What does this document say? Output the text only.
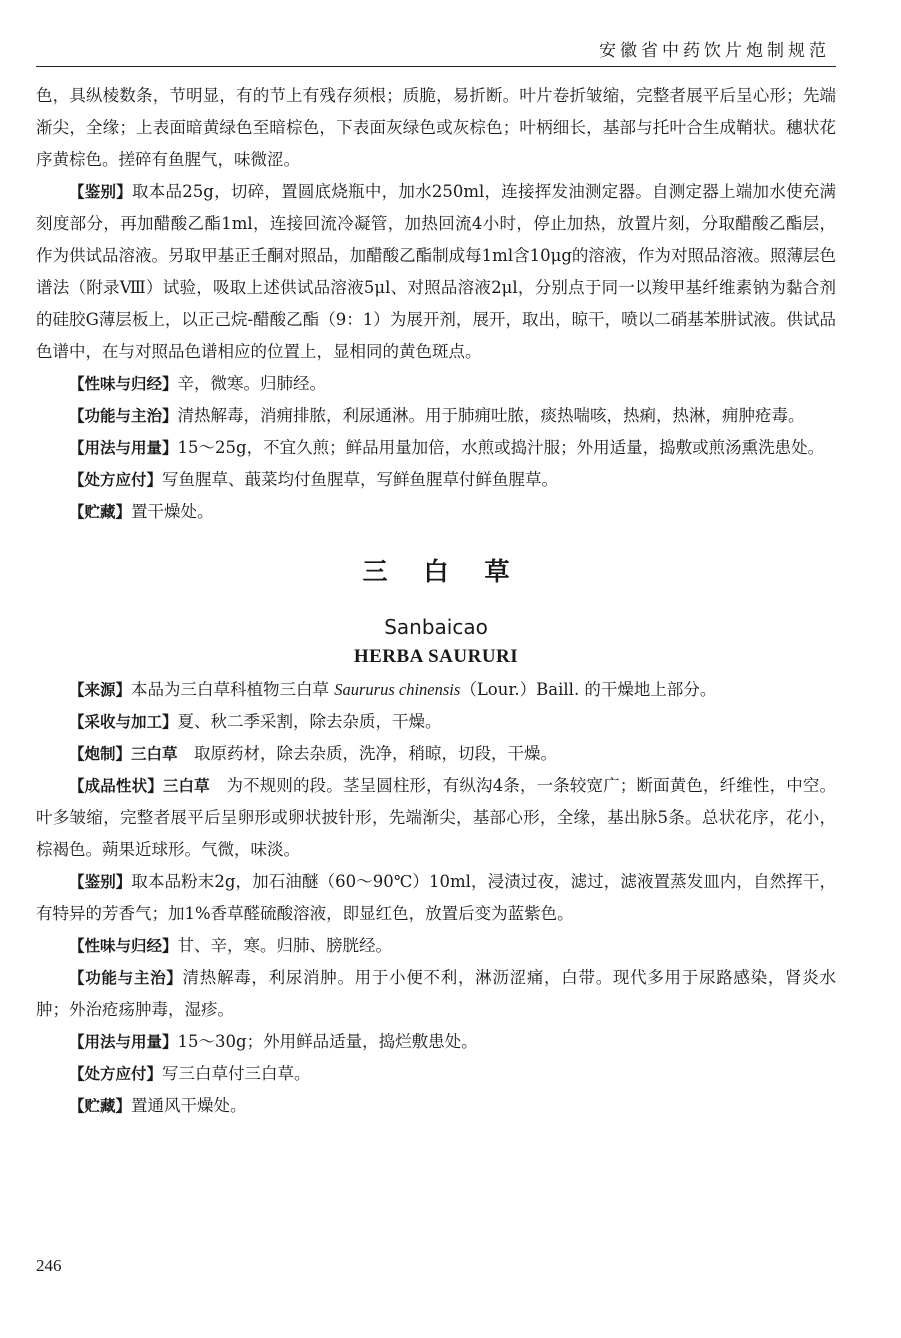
安徽省中药饮片炮制规范

色，具纵棱数条，节明显，有的节上有残存须根；质脆，易折断。叶片卷折皱缩，完整者展平后呈心形；先端渐尖，全缘；上表面暗黄绿色至暗棕色，下表面灰绿色或灰棕色；叶柄细长，基部与托叶合生成鞘状。穗状花序黄棕色。搓碎有鱼腥气，味微涩。

【鉴别】取本品25g，切碎，置圆底烧瓶中，加水250ml，连接挥发油测定器。自测定器上端加水使充满刻度部分，再加醋酸乙酯1ml，连接回流冷凝管，加热回流4小时，停止加热，放置片刻，分取醋酸乙酯层，作为供试品溶液。另取甲基正壬酮对照品，加醋酸乙酯制成每1ml含10μg的溶液，作为对照品溶液。照薄层色谱法（附录Ⅷ）试验，吸取上述供试品溶液5μl、对照品溶液2μl，分别点于同一以羧甲基纤维素钠为黏合剂的硅胶G薄层板上，以正己烷-醋酸乙酯（9：1）为展开剂，展开，取出，晾干，喷以二硝基苯肼试液。供试品色谱中，在与对照品色谱相应的位置上，显相同的黄色斑点。

【性味与归经】辛，微寒。归肺经。

【功能与主治】清热解毒，消痈排脓，利尿通淋。用于肺痈吐脓，痰热喘咳，热痢，热淋，痈肿疮毒。

【用法与用量】15～25g，不宜久煎；鲜品用量加倍，水煎或捣汁服；外用适量，捣敷或煎汤熏洗患处。

【处方应付】写鱼腥草、蕺菜均付鱼腥草，写鲜鱼腥草付鲜鱼腥草。

【贮藏】置干燥处。

三白草
Sanbaicao
HERBA SAURURI

【来源】本品为三白草科植物三白草 Saururus chinensis（Lour.）Baill. 的干燥地上部分。

【采收与加工】夏、秋二季采割，除去杂质，干燥。

【炮制】三白草　取原药材，除去杂质，洗净，稍晾，切段，干燥。

【成品性状】三白草　为不规则的段。茎呈圆柱形，有纵沟4条，一条较宽广；断面黄色，纤维性，中空。叶多皱缩，完整者展平后呈卵形或卵状披针形，先端渐尖，基部心形，全缘，基出脉5条。总状花序，花小，棕褐色。蒴果近球形。气微，味淡。

【鉴别】取本品粉末2g，加石油醚（60～90℃）10ml，浸渍过夜，滤过，滤液置蒸发皿内，自然挥干，有特异的芳香气；加1%香草醛硫酸溶液，即显红色，放置后变为蓝紫色。

【性味与归经】甘、辛，寒。归肺、膀胱经。

【功能与主治】清热解毒，利尿消肿。用于小便不利，淋沥涩痛，白带。现代多用于尿路感染，肾炎水肿；外治疮疡肿毒，湿疹。

【用法与用量】15～30g；外用鲜品适量，捣烂敷患处。

【处方应付】写三白草付三白草。

【贮藏】置通风干燥处。

246
